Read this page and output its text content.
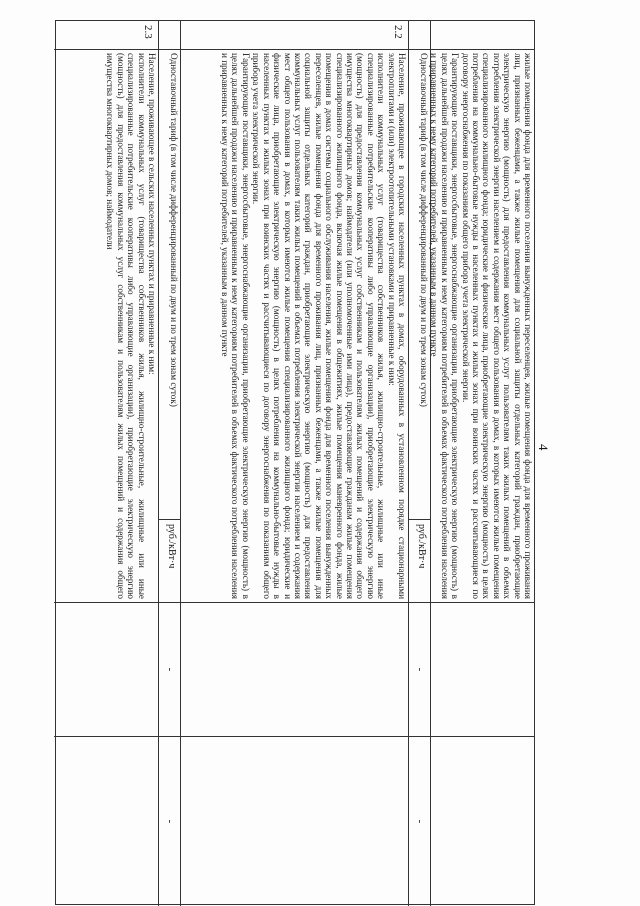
4

жилые помещения фонда для временного поселения вынужденных переселенцев, жилые помещения фонда для временного проживания лиц, признанных беженцами, а также жилые помещения для социальной защиты отдельных категорий граждан, приобретающие электрическую энергию (мощность) для предоставления коммунальных услуг пользователям таких жилых помещений в объемах потребления электрической энергии населением и содержания мест общего пользования в домах, в которых имеются жилые помещения специализированного жилищного фонда; юридические и физические лица, приобретающие электрическую энергию (мощность) в целях потребления на коммунально-бытовые нужды в населенных пунктах и жилых зонах при воинских частях и рассчитывающиеся по договору энергоснабжения по показаниям общего прибора учета электрической энергии.

Гарантирующие поставщики, энергосбытовые, энергоснабжающие организации, приобретающие электрическую энергию (мощность) в целях дальнейшей продажи населению и приравненным к нему категориям потребителей в объемах фактического потребления населения и приравненных к нему категорий потребителей, указанным в данном пункте

Одноставочный тариф (в том числе дифференцированный по двум и по трем зонам суток)
руб./кВт·ч
-
-
2.2

Население, проживающее в городских населенных пунктах в домах, оборудованных в установленном порядке стационарными электроплитами и (или) электроотопительными установками и приравненные к ним:

исполнители коммунальных услуг (товарищества собственников жилья, жилищно-строительные, жилищные или иные специализированные потребительские кооперативы либо управляющие организации), приобретающие электрическую энергию (мощность) для предоставления коммунальных услуг собственникам и пользователям жилых помещений и содержания общего имущества многоквартирных домов; наймодатели (или уполномоченные ими лица), предоставляющие гражданам жилые помещения специализированного жилищного фонда, включая жилые помещения в общежитиях, жилые помещения маневренного фонда, жилые помещения в домах системы социального обслуживания населения, жилые помещения фонда для временного поселения вынужденных переселенцев, жилые помещения фонда для временного проживания лиц, признанных беженцами, а также жилые помещения для социальной защиты отдельных категорий граждан, приобретающие электрическую энергию (мощность) для предоставления коммунальных услуг пользователям таких жилых помещений в объемах потребления электрической энергии населением и содержания мест общего пользования в домах, в которых имеются жилые помещения специализированного жилищного фонда; юридические и физические лица, приобретающие электрическую энергию (мощность) в целях потребления на коммунально-бытовые нужды в населенных пунктах и жилых зонах при воинских частях и рассчитывающиеся по договору энергоснабжения по показаниям общего прибора учета электрической энергии.

Гарантирующие поставщики, энергосбытовые, энергоснабжающие организации, приобретающие электрическую энергию (мощность) в целях дальнейшей продажи населению и приравненным к нему категориям потребителей в объемах фактического потребления населения и приравненных к нему категорий потребителей, указанным в данном пункте

Одноставочный тариф (в том числе дифференцированный по двум и по трем зонам суток)
руб./кВт·ч
-
-
2.3

Население, проживающее в сельских населенных пунктах и приравненные к ним:

исполнители коммунальных услуг (товарищества собственников жилья, жилищно-строительные, жилищные или иные специализированные потребительские кооперативы либо управляющие организации), приобретающие электрическую энергию (мощность) для предоставления коммунальных услуг собственникам и пользователям жилых помещений и содержания общего имущества многоквартирных домов; наймодатели
